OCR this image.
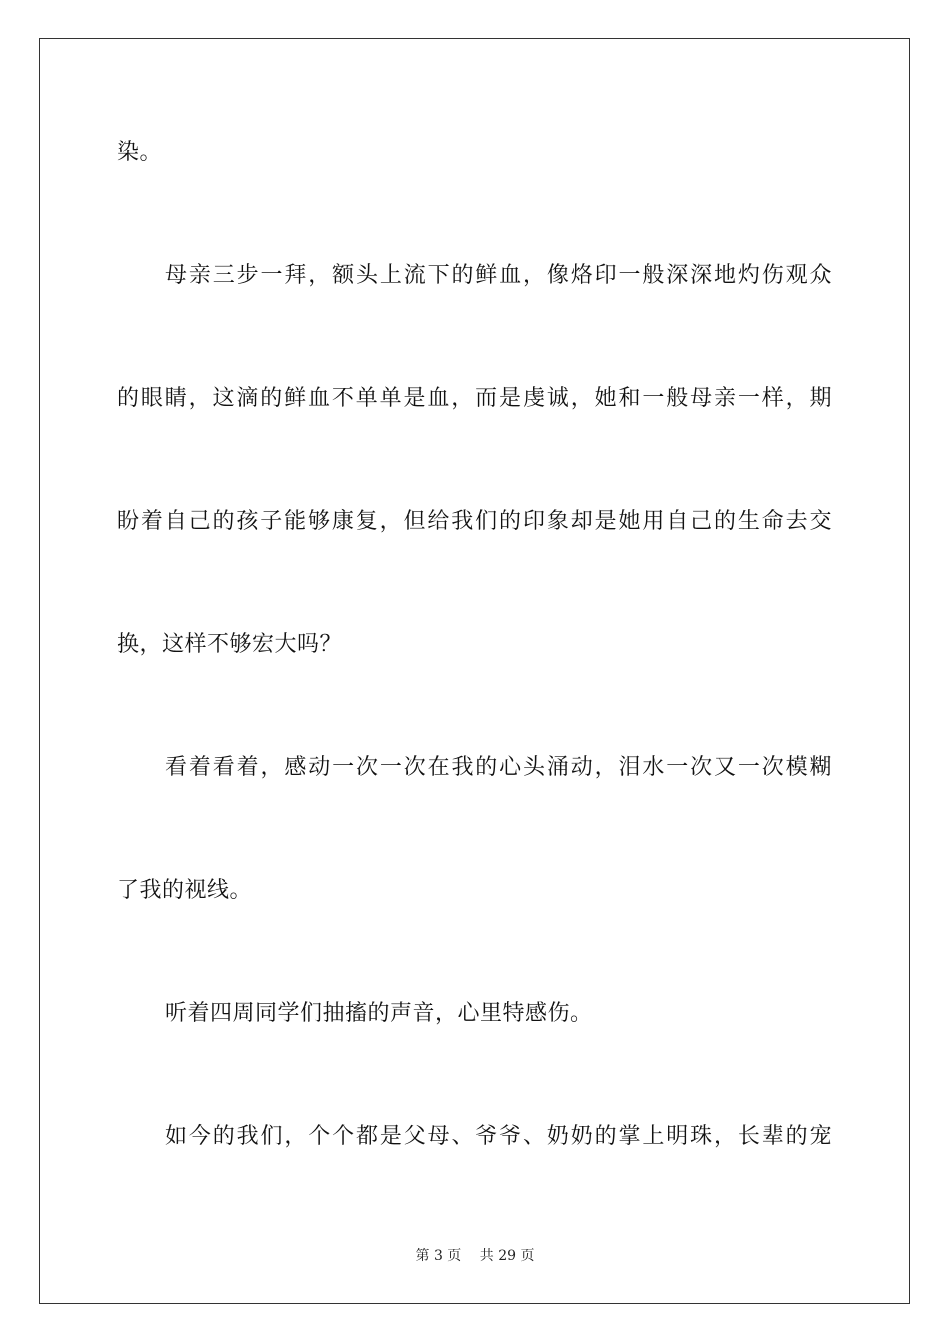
染。
母亲三步一拜，额头上流下的鲜血，像烙印一般深深地灼伤观众
的眼睛，这滴的鲜血不单单是血，而是虔诚，她和一般母亲一样，期
盼着自己的孩子能够康复，但给我们的印象却是她用自己的生命去交
换，这样不够宏大吗？
看着看着，感动一次一次在我的心头涌动，泪水一次又一次模糊
了我的视线。
听着四周同学们抽搐的声音，心里特感伤。
如今的我们，个个都是父母、爷爷、奶奶的掌上明珠，长辈的宠
第 3 页　 共 29 页
